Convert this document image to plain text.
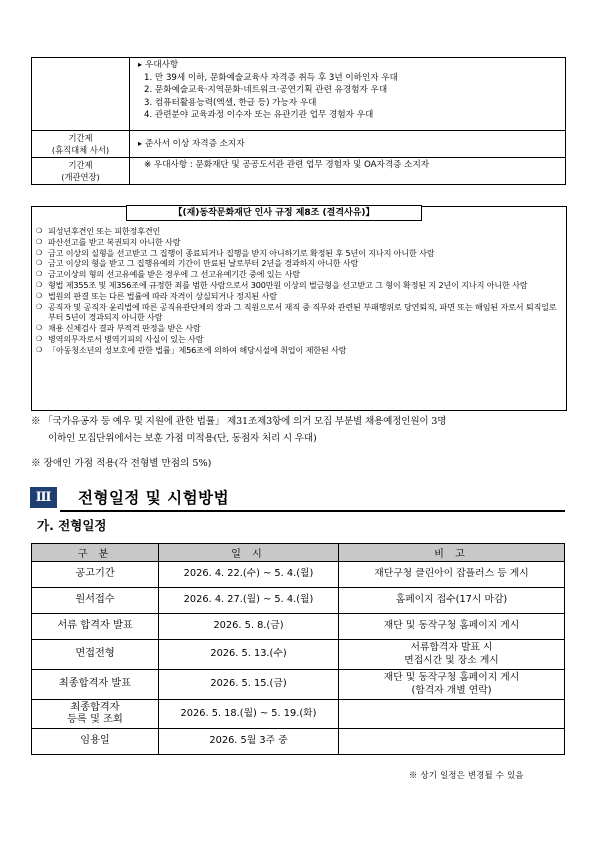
	▸ 우대사항
1. 만 39세 이하, 문화예술교육사 자격증 취득 후 3년 이하인자 우대
2. 문화예술교육·지역문화·네트워크·공연기획 관련 유경험자 우대
3. 컴퓨터활용능력(엑셀, 한글 등) 가능자 우대
4. 관련분야 교육과정 이수자 또는 유관기관 업무 경험자 우대

기간제
(휴직대체 사서)	▸ 준사서 이상 자격증 소지자

기간제
(개관연장)	※ 우대사항 : 문화재단 및 공공도서관 관련 업무 경험자 및 OA자격증 소지자
【(재)동작문화재단 인사 규정 제8조 (결격사유)】
❍ 피성년후견인 또는 피한정후견인
❍ 파산선고를 받고 복권되지 아니한 사람
❍ 금고 이상의 실형을 선고받고 그 집행이 종료되거나 집행을 받지 아니하기로 확정된 후 5년이 지나지 아니한 사람
❍ 금고 이상의 형을 받고 그 집행유예의 기간이 만료된 날로부터 2년을 경과하지 아니한 사람
❍ 금고이상의 형의 선고유예를 받은 경우에 그 선고유예기간 중에 있는 사람
❍ 형법 제355조 및 제356조에 규정한 죄를 범한 사람으로서 300만원 이상의 벌금형을 선고받고 그 형이 확정된 지 2년이 지나지 아니한 사람
❍ 법원의 판결 또는 다른 법률에 따라 자격이 상실되거나 정지된 사람
❍ 공직자 및 공직자 윤리법에 따른 공직유관단체의 장과 그 직원으로서 재직 중 직무와 관련된 부패행위로 당연퇴직, 파면 또는 해임된 자로서 퇴직일로부터 5년이 경과되지 아니한 사람
❍ 채용 신체검사 결과 부적격 판정을 받은 사람
❍ 병역의무자로서 병역기피의 사실이 있는 사람
❍ 「아동청소년의 성보호에 관한 법률」제56조에 의하여 해당시설에 취업이 제한된 사람
※ 「국가유공자 등 예우 및 지원에 관한 법률」 제31조제3항에 의거 모집 부분별 채용예정인원이 3명
이하인 모집단위에서는 보훈 가점 미적용(단, 동점자 처리 시 우대)
※ 장애인 가점 적용(각 전형별 만점의 5%)
Ⅲ	전형일정 및 시험방법
가. 전형일정
구 분	일 시	비 고
공고기간	2026. 4. 22.(수) ~ 5. 4.(월)	재단구청 클린아이 잡플러스 등 게시
원서접수	2026. 4. 27.(월) ~ 5. 4.(월)	홈페이지 접수(17시 마감)
서류 합격자 발표	2026. 5. 8.(금)	재단 및 동작구청 홈페이지 게시
면접전형	2026. 5. 13.(수)	서류합격자 발표 시
면접시간 및 장소 게시

최종합격자 발표	2026. 5. 15.(금)	재단 및 동작구청 홈페이지 게시
(합격자 개별 연락)

최종합격자
등록 및 조회	2026. 5. 18.(월) ~ 5. 19.(화)	
임용일	2026. 5월 3주 중	
※ 상기 일정은 변경될 수 있음
